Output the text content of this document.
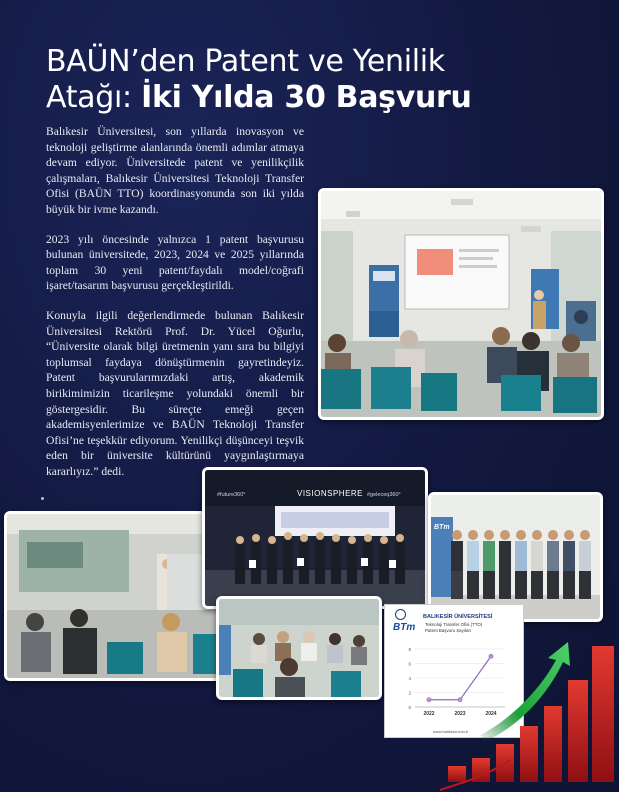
BAÜN’den Patent ve Yenilik
Atağı: İki Yılda 30 Başvuru

Balıkesir Üniversitesi, son yıllarda inovasyon ve teknoloji geliştirme alanlarında önemli adımlar atmaya devam ediyor. Üniversitede patent ve yenilikçilik çalışmaları, Balıkesir Üniversitesi Teknoloji Transfer Ofisi (BAÜN TTO) koordinasyonunda son iki yılda büyük bir ivme kazandı.

2023 yılı öncesinde yalnızca 1 patent başvurusu bulunan üniversitede, 2023, 2024 ve 2025 yıllarında toplam 30 yeni patent/faydalı model/coğrafi işaret/tasarım başvurusu gerçekleştirildi.

Konuyla ilgili değerlendirmede bulunan Balıkesir Üniversitesi Rektörü Prof. Dr. Yücel Oğurlu, “Üniversite olarak bilgi üretmenin yanı sıra bu bilgiyi toplumsal faydaya dönüştürmenin gayretindeyiz. Patent başvurularımızdaki artış, akademik birikimimizin ticarileşme yolundaki önemli bir göstergesidir. Bu süreçte emeği geçen akademisyenlerimize ve BAÜN Teknoloji Transfer Ofisi’ne teşekkür ediyorum. Yenilikçi düşünceyi teşvik eden bir üniversite kültürünü yaygınlaştırmaya kararlıyız.” dedi.

#future360°	VISIONSPHERE #geleceq360°
BTm
BALIKESİR ÜNİVERSİTESİ
BTm Teknoloji Transfer Ofisi (TTO)
Patent Başvuru Sayıları
0
2
4
6
8
2022	2023	2024
www.balikesir.edu.tr
